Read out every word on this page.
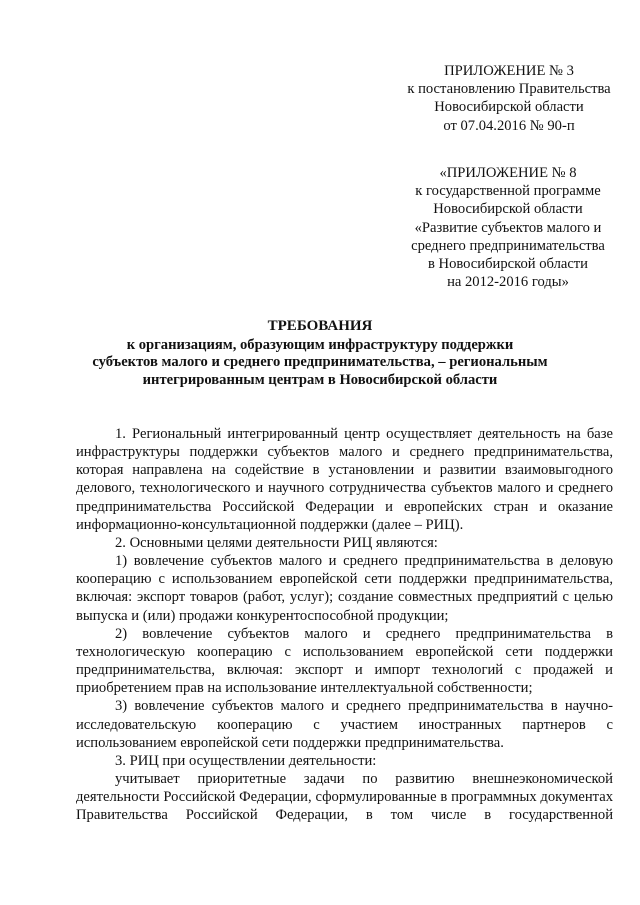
ПРИЛОЖЕНИЕ № 3
к постановлению Правительства
Новосибирской области
от 07.04.2016 № 90-п
«ПРИЛОЖЕНИЕ № 8
к государственной программе
Новосибирской области
«Развитие субъектов малого и
среднего предпринимательства
в Новосибирской области
на 2012-2016 годы»
ТРЕБОВАНИЯ
к организациям, образующим инфраструктуру поддержки
субъектов малого и среднего предпринимательства, – региональным
интегрированным центрам в Новосибирской области

1. Региональный интегрированный центр осуществляет деятельность на базе инфраструктуры поддержки субъектов малого и среднего предпринимательства, которая направлена на содействие в установлении и развитии взаимовыгодного делового, технологического и научного сотрудничества субъектов малого и среднего предпринимательства Российской Федерации и европейских стран и оказание информационно-консультационной поддержки (далее – РИЦ).

2. Основными целями деятельности РИЦ являются:

1) вовлечение субъектов малого и среднего предпринимательства в деловую кооперацию с использованием европейской сети поддержки предпринимательства, включая: экспорт товаров (работ, услуг); создание совместных предприятий с целью выпуска и (или) продажи конкурентоспособной продукции;

2) вовлечение субъектов малого и среднего предпринимательства в технологическую кооперацию с использованием европейской сети поддержки предпринимательства, включая: экспорт и импорт технологий с продажей и приобретением прав на использование интеллектуальной собственности;

3) вовлечение субъектов малого и среднего предпринимательства в научно-исследовательскую кооперацию с участием иностранных партнеров с использованием европейской сети поддержки предпринимательства.

3. РИЦ при осуществлении деятельности:

учитывает приоритетные задачи по развитию внешнеэкономической деятельности Российской Федерации, сформулированные в программных документах Правительства Российской Федерации, в том числе в государственной
